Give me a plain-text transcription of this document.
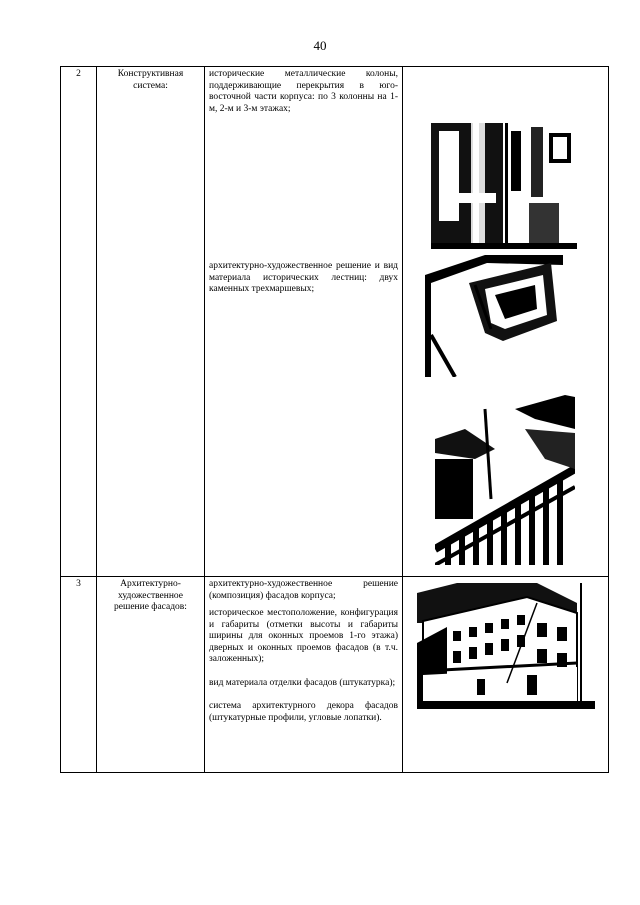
40
2	Конструктивная система:	исторические металлические колоны, поддерживающие перекрытия в юго-восточной части корпуса: по 3 колонны на 1-м, 2-м и 3-м этажах;

архитектурно-художественное решение и вид материала исторических лестниц: двух каменных трехмаршевых;

3	Архитектурно-художественное решение фасадов:	архитектурно-художественное решение (композиция) фасадов корпуса;

историческое местоположение, конфигурация и габариты (отметки высоты и габариты ширины для оконных проемов 1-го этажа) дверных и оконных проемов фасадов (в т.ч. заложенных);

вид материала отделки фасадов (штукатурка);

система архитектурного декора фасадов (штукатурные профили, угловые лопатки).
